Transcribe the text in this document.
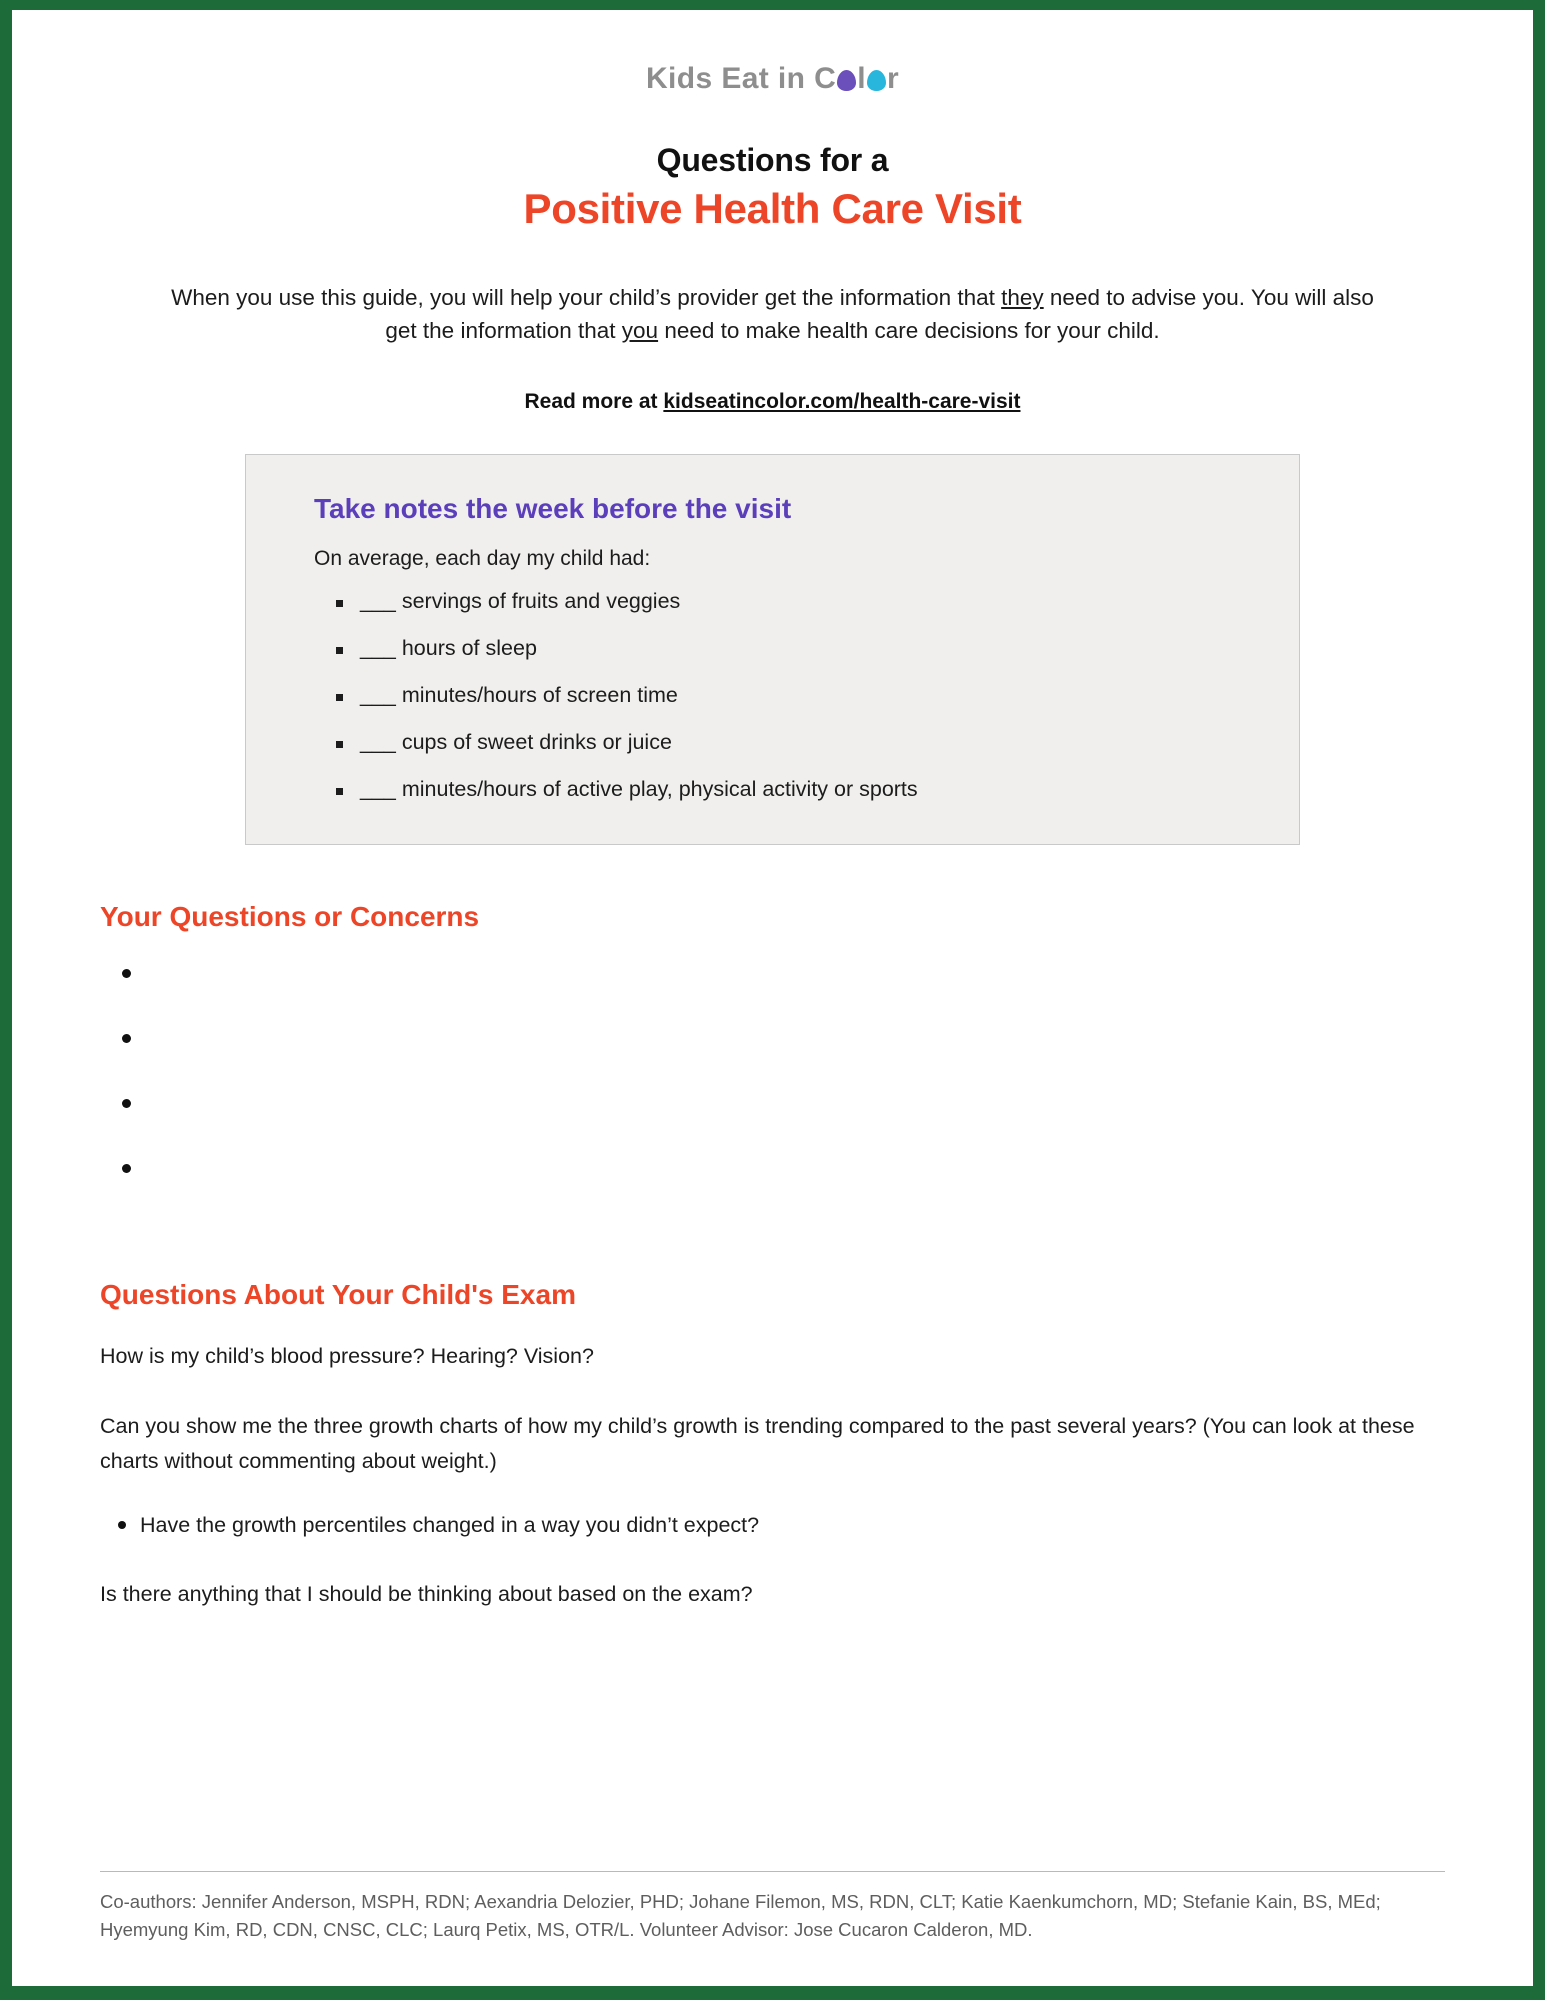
Kids Eat in C l r
Questions for a
Positive Health Care Visit

When you use this guide, you will help your child’s provider get the information that they need to advise you. You will also get the information that you need to make health care decisions for your child.

Read more at kidseatincolor.com/health-care-visit
Take notes the week before the visit
On average, each day my child had:
___ servings of fruits and veggies
___ hours of sleep
___ minutes/hours of screen time
___ cups of sweet drinks or juice
___ minutes/hours of active play, physical activity or sports
Your Questions or Concerns
Questions About Your Child's Exam

How is my child’s blood pressure? Hearing? Vision?

Can you show me the three growth charts of how my child’s growth is trending compared to the past several years? (You can look at these charts without commenting about weight.)

Have the growth percentiles changed in a way you didn’t expect?

Is there anything that I should be thinking about based on the exam?

Co-authors: Jennifer Anderson, MSPH, RDN; Aexandria Delozier, PHD; Johane Filemon, MS, RDN, CLT; Katie Kaenkumchorn, MD; Stefanie Kain, BS, MEd; Hyemyung Kim, RD, CDN, CNSC, CLC; Laurq Petix, MS, OTR/L. Volunteer Advisor: Jose Cucaron Calderon, MD.
